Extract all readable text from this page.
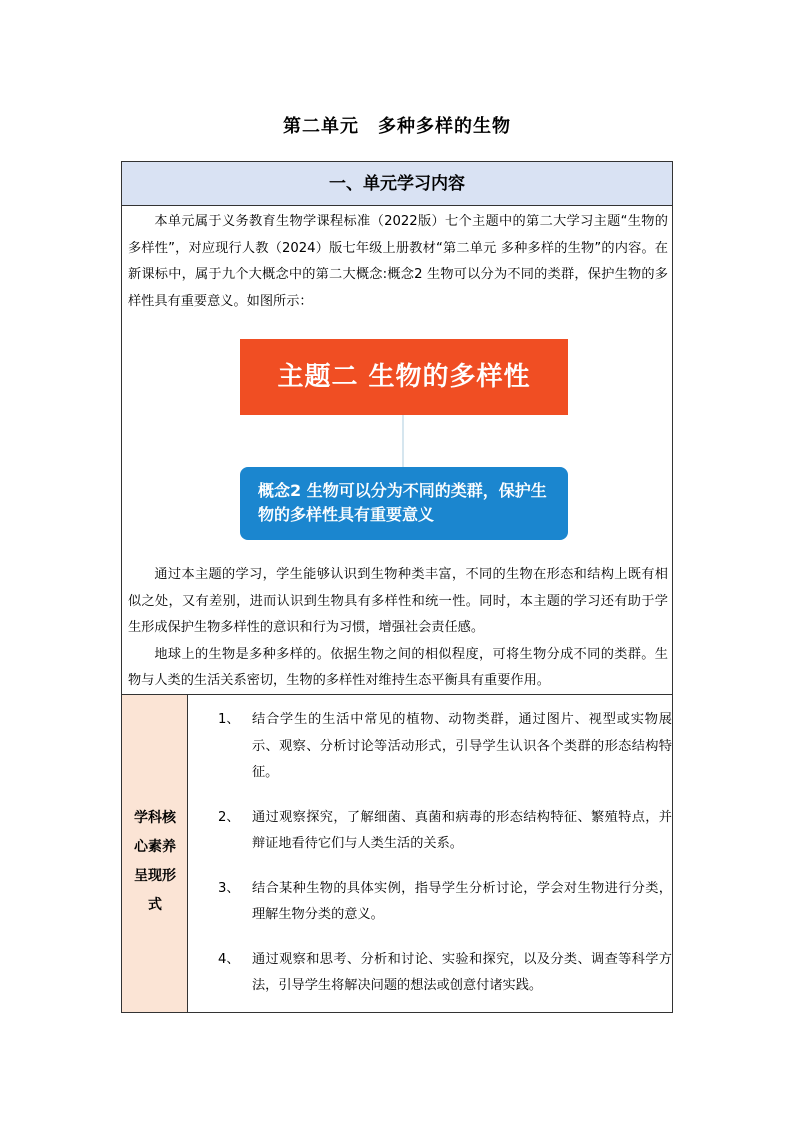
第二单元　多种多样的生物
一、单元学习内容

本单元属于义务教育生物学课程标准（2022版）七个主题中的第二大学习主题“生物的多样性”，对应现行人教（2024）版七年级上册教材“第二单元 多种多样的生物”的内容。在新课标中，属于九个大概念中的第二大概念:概念2 生物可以分为不同的类群，保护生物的多样性具有重要意义。如图所示：

主题二 生物的多样性
概念2 生物可以分为不同的类群，保护生物的多样性具有重要意义

通过本主题的学习，学生能够认识到生物种类丰富，不同的生物在形态和结构上既有相似之处，又有差别，进而认识到生物具有多样性和统一性。同时，本主题的学习还有助于学生形成保护生物多样性的意识和行为习惯，增强社会责任感。

地球上的生物是多种多样的。依据生物之间的相似程度，可将生物分成不同的类群。生物与人类的生活关系密切，生物的多样性对维持生态平衡具有重要作用。

学科核心素养呈现形式
1、 结合学生的生活中常见的植物、动物类群，通过图片、视型或实物展示、观察、分析讨论等活动形式，引导学生认识各个类群的形态结构特征。
2、 通过观察探究，了解细菌、真菌和病毒的形态结构特征、繁殖特点，并辩证地看待它们与人类生活的关系。
3、 结合某种生物的具体实例，指导学生分析讨论，学会对生物进行分类，理解生物分类的意义。
4、 通过观察和思考、分析和讨论、实验和探究，以及分类、调查等科学方法，引导学生将解决问题的想法或创意付诸实践。
